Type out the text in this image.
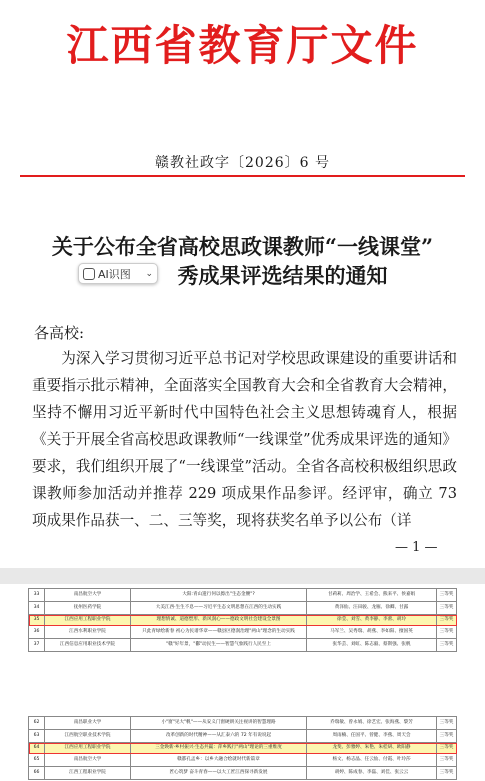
江西省教育厅文件
赣教社政字〔2026〕6 号
关于公布全省高校思政课教师“一线课堂”
秀成果评选结果的通知
AI识图 ⌄
各高校:

为深入学习贯彻习近平总书记对学校思政课建设的重要讲话和重要指示批示精神，全面落实全国教育大会和全省教育大会精神，坚持不懈用习近平新时代中国特色社会主义思想铸魂育人，根据《关于开展全省高校思政课教师“一线课堂”优秀成果评选的通知》要求，我们组织开展了“一线课堂”活动。全省各高校积极组织思政课教师参加活动并推荐 229 项成果作品参评。经评审，确立 73 项成果作品获一、二、三等奖，现将获奖名单予以公布（详

— 1 —
33	南昌航空大学	大阳:青山遗行何以擦出"生态金腰"?	甘莉莉、周治学、王希会、熊来平、侯嘉娟	三等奖
34	抚州医药学院	大美江西·生生不息——习近平生态文明思想在江西的生动实践	黄泽仙、汪田骏、龙雁、徐卿、甘露	三等奖
35	江西应用工程职业学院	理想情诚、道德塑形、新风润心——德政文明社会建设全景图	徐莹、刘雪、黄李静、李蕾、胡玲	三等奖
36	江西水利职业学院	只此青绿绘新春 初心为民谱华章——赣县区德润治理"两山"理念的生动实践	马军兰、吴秀瑞、胡燕、李如阳、擅国英	三等奖
37	江西信息应用职业技术学院	"赣"好年景，"鄱"动民生——智慧气象践行人民至上	张华芸、刘虹、陈志毅、蔡斯强、张帆	三等奖
62	南昌职业大学	小"窗"见大"帆"——从安义门窗硬朗关注视讲的智慧理路	乔瑞敏、曾永娟、徐艺宏、张海燕、黎芳	三等奖
63	江西航空职业技术学院	改革创新的时代精神——从汇泰六的 72 年有说说起	周雨楠、任国平、曾健、李燕、周天会	三等奖
64	江西应用工程职业学院	三金焕新·乡村振兴·生态共赢：萍乡践行"两山"理论的三重维度	龙斐、彭雅婷、朱艳、朱桂研、欧阳静	三等奖
65	南昌航空大学	赣都孔孟乡：以乡大融合绘就时代新篇章	杨文、杨志晶、任云仙、付霞、叶玲莎	三等奖
66	江西工程职业学院	匠心筑梦 奋斗青春——以大工匠江西探寻新发展	胡婷、陈成春、李磊、刘佳、张云云	三等奖
